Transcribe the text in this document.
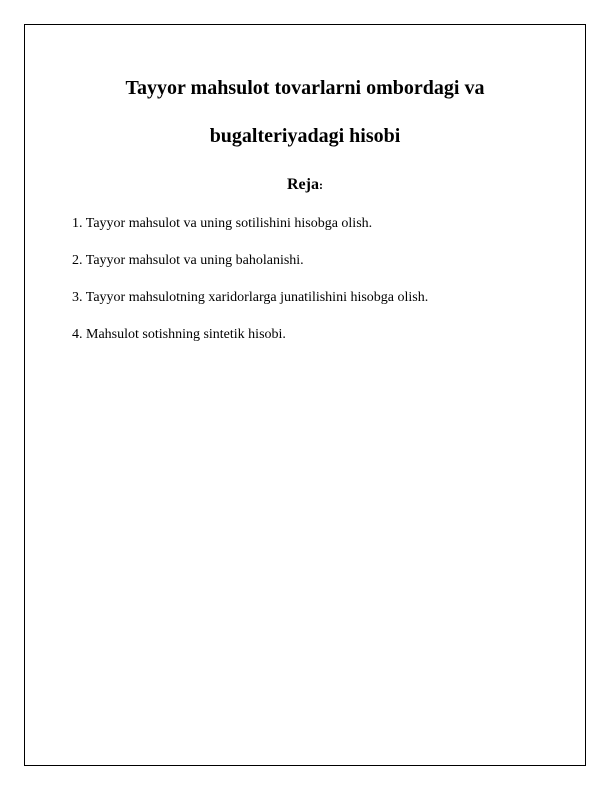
Tayyor mahsulot tovarlarni ombordagi va
bugalteriyadagi hisobi
Reja:
1. Tayyor mahsulot va uning sotilishini hisobga olish.
2. Tayyor mahsulot va uning baholanishi.
3. Tayyor mahsulotning xaridorlarga junatilishini hisobga olish.
4. Mahsulot sotishning sintetik hisobi.
